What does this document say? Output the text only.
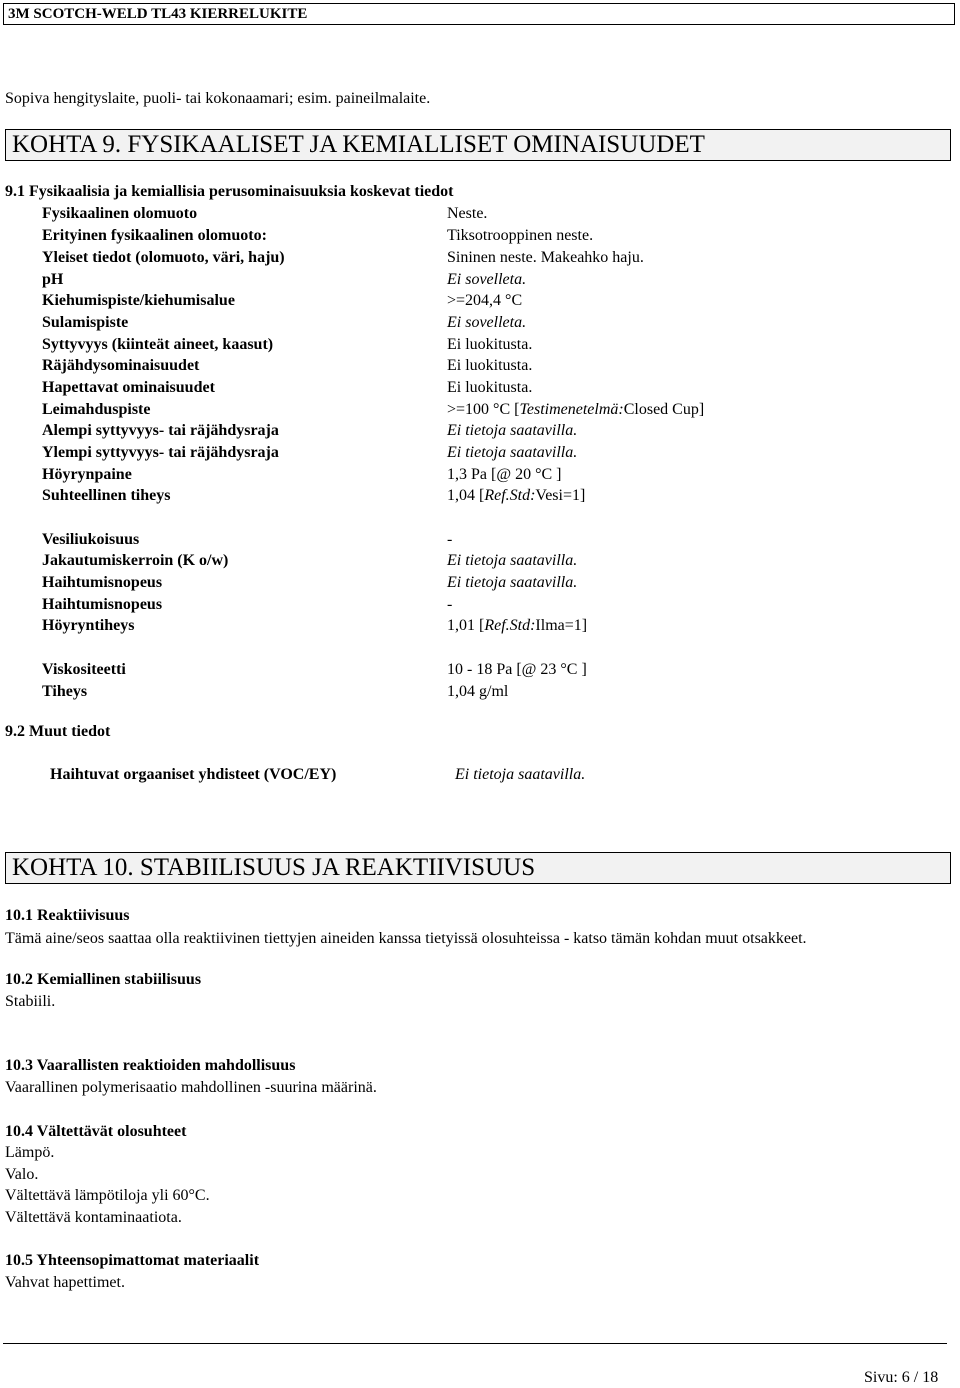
3M SCOTCH-WELD TL43 KIERRELUKITE
Sopiva hengityslaite, puoli- tai kokonaamari; esim. paineilmalaite.
KOHTA 9. FYSIKAALISET JA KEMIALLISET OMINAISUUDET
9.1 Fysikaalisia ja kemiallisia perusominaisuuksia koskevat tiedot
Fysikaalinen olomuoto	Neste.
Erityinen fysikaalinen olomuoto:	Tiksotrooppinen neste.
Yleiset tiedot (olomuoto, väri, haju)	Sininen neste. Makeahko haju.
pH	Ei sovelleta.
Kiehumispiste/kiehumisalue	>=204,4 °C
Sulamispiste	Ei sovelleta.
Syttyvyys (kiinteät aineet, kaasut)	Ei luokitusta.
Räjähdysominaisuudet	Ei luokitusta.
Hapettavat ominaisuudet	Ei luokitusta.
Leimahduspiste	>=100 °C [Testimenetelmä:Closed Cup]
Alempi syttyvyys- tai räjähdysraja	Ei tietoja saatavilla.
Ylempi syttyvyys- tai räjähdysraja	Ei tietoja saatavilla.
Höyrynpaine	1,3 Pa [@ 20 °C ]
Suhteellinen tiheys	1,04 [Ref.Std:Vesi=1]
Vesiliukoisuus	-
Jakautumiskerroin (K o/w)	Ei tietoja saatavilla.
Haihtumisnopeus	Ei tietoja saatavilla.
Haihtumisnopeus	-
Höyryntiheys	1,01 [Ref.Std:Ilma=1]
Viskositeetti	10 - 18 Pa [@ 23 °C ]
Tiheys	1,04 g/ml
9.2 Muut tiedot
Haihtuvat orgaaniset yhdisteet (VOC/EY)	Ei tietoja saatavilla.
KOHTA 10. STABIILISUUS JA REAKTIIVISUUS
10.1 Reaktiivisuus
Tämä aine/seos saattaa olla reaktiivinen tiettyjen aineiden kanssa tietyissä olosuhteissa - katso tämän kohdan muut otsakkeet.
10.2 Kemiallinen stabiilisuus
Stabiili.
10.3 Vaarallisten reaktioiden mahdollisuus
Vaarallinen polymerisaatio mahdollinen -suurina määrinä.
10.4 Vältettävät olosuhteet
Lämpö.
Valo.
Vältettävä lämpötiloja yli 60°C.
Vältettävä kontaminaatiota.
10.5 Yhteensopimattomat materiaalit
Vahvat hapettimet.
Sivu: 6 / 18
